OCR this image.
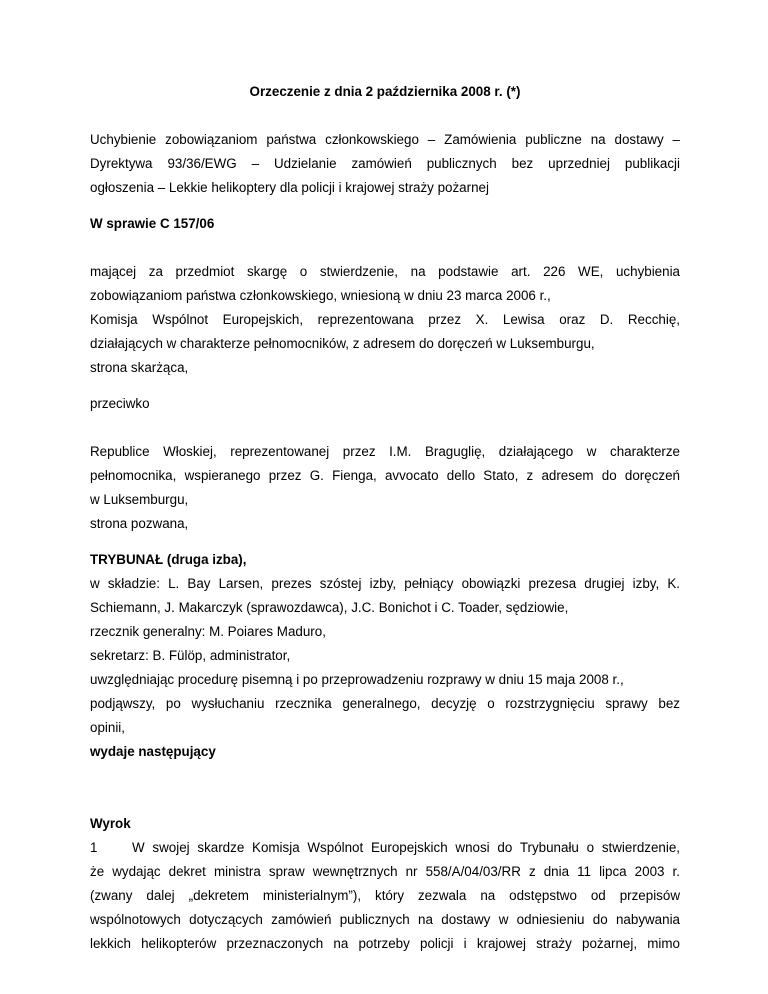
Orzeczenie z dnia 2 października 2008 r. (*)
Uchybienie zobowiązaniom państwa członkowskiego – Zamówienia publiczne na dostawy –
Dyrektywa 93/36/EWG – Udzielanie zamówień publicznych bez uprzedniej publikacji
ogłoszenia – Lekkie helikoptery dla policji i krajowej straży pożarnej
W sprawie C 157/06
mającej za przedmiot skargę o stwierdzenie, na podstawie art. 226 WE, uchybienia
zobowiązaniom państwa członkowskiego, wniesioną w dniu 23 marca 2006 r.,
Komisja Wspólnot Europejskich, reprezentowana przez X. Lewisa oraz D. Recchię,
działających w charakterze pełnomocników, z adresem do doręczeń w Luksemburgu,
strona skarżąca,
przeciwko
Republice Włoskiej, reprezentowanej przez I.M. Braguglię, działającego w charakterze
pełnomocnika, wspieranego przez G. Fienga, avvocato dello Stato, z adresem do doręczeń
w Luksemburgu,
strona pozwana,
TRYBUNAŁ (druga izba),
w składzie: L. Bay Larsen, prezes szóstej izby, pełniący obowiązki prezesa drugiej izby, K.
Schiemann, J. Makarczyk (sprawozdawca), J.C. Bonichot i C. Toader, sędziowie,
rzecznik generalny: M. Poiares Maduro,
sekretarz: B. Fülöp, administrator,
uwzględniając procedurę pisemną i po przeprowadzeniu rozprawy w dniu 15 maja 2008 r.,
podjąwszy, po wysłuchaniu rzecznika generalnego, decyzję o rozstrzygnięciu sprawy bez
opinii,
wydaje następujący
Wyrok
1	W swojej skardze Komisja Wspólnot Europejskich wnosi do Trybunału o stwierdzenie,
że wydając dekret ministra spraw wewnętrznych nr 558/A/04/03/RR z dnia 11 lipca 2003 r.
(zwany dalej „dekretem ministerialnym”), który zezwala na odstępstwo od przepisów
wspólnotowych dotyczących zamówień publicznych na dostawy w odniesieniu do nabywania
lekkich helikopterów przeznaczonych na potrzeby policji i krajowej straży pożarnej, mimo
